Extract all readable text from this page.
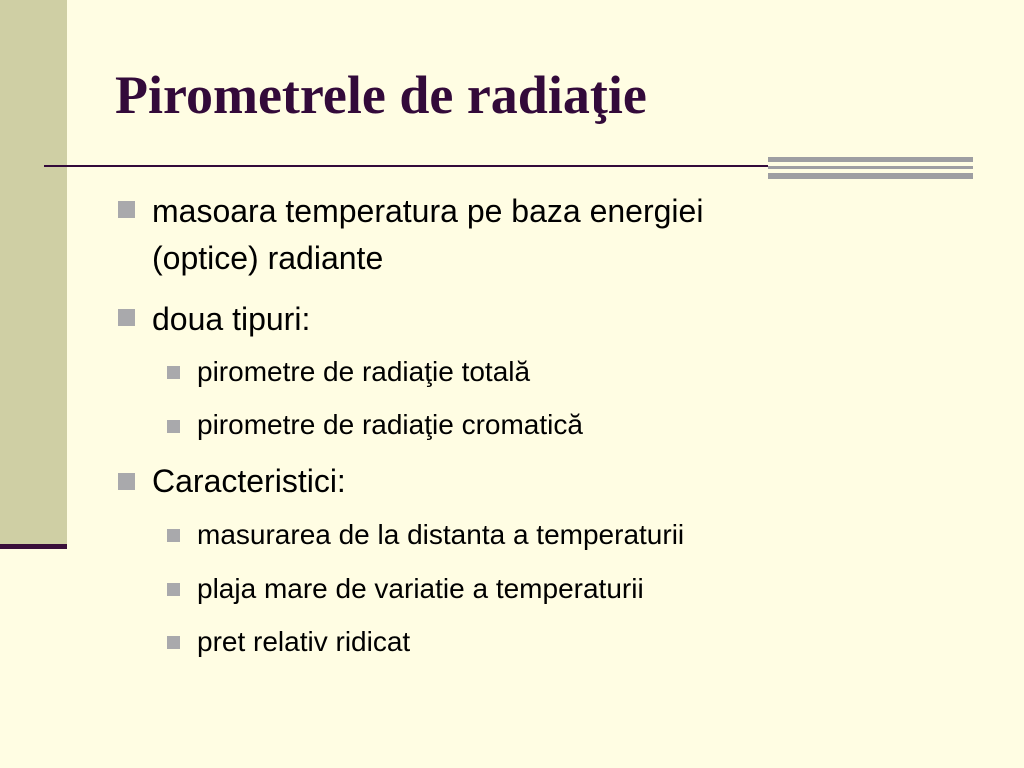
Pirometrele de radiaţie
masoara temperatura pe baza energiei
(optice) radiante
doua tipuri:
pirometre de radiaţie totală
pirometre de radiaţie cromatică
Caracteristici:
masurarea de la distanta a temperaturii
plaja mare de variatie a temperaturii
pret relativ ridicat
